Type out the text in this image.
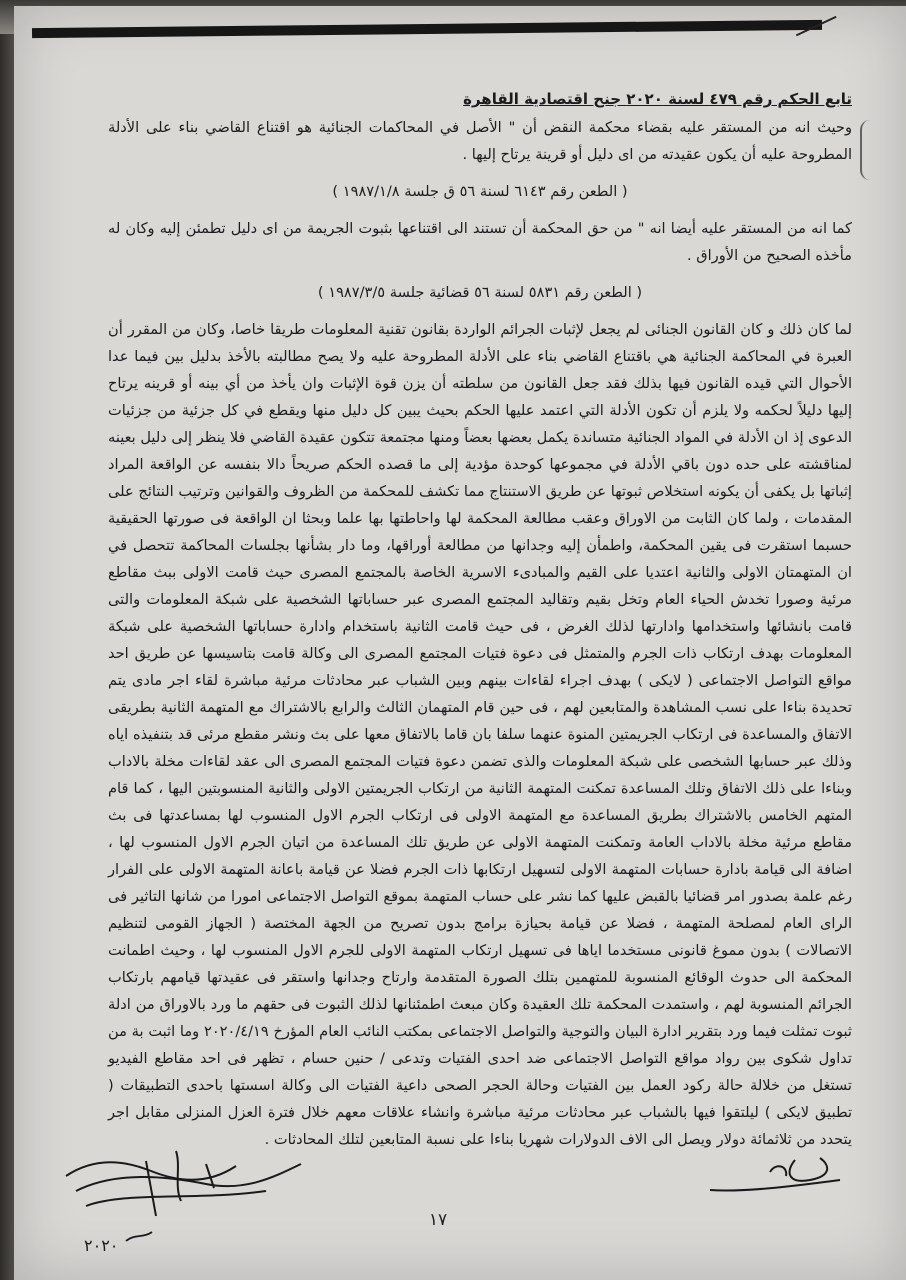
تابع الحكم رقم ٤٧٩ لسنة ٢٠٢٠ جنح اقتصادية القاهرة

وحيث انه من المستقر عليه بقضاء محكمة النقض أن " الأصل في المحاكمات الجنائية هو اقتناع القاضي بناء على الأدلة المطروحة عليه أن يكون عقيدته من اى دليل أو قرينة يرتاح إليها .

( الطعن رقم ٦١٤٣ لسنة ٥٦ ق جلسة ١٩٨٧/١/٨ )

كما انه من المستقر عليه أيضا انه " من حق المحكمة أن تستند الى اقتناعها بثبوت الجريمة من اى دليل تطمئن إليه وكان له مأخذه الصحيح من الأوراق .

( الطعن رقم ٥٨٣١ لسنة ٥٦ قضائية جلسة ١٩٨٧/٣/٥ )

لما كان ذلك و كان القانون الجنائى لم يجعل لإثبات الجرائم الواردة بقانون تقنية المعلومات طريقا خاصا، وكان من المقرر أن العبرة في المحاكمة الجنائية هي باقتناع القاضي بناء على الأدلة المطروحة عليه ولا يصح مطالبته بالأخذ بدليل بين فيما عدا الأحوال التي قيده القانون فيها بذلك فقد جعل القانون من سلطته أن يزن قوة الإثبات وان يأخذ من أي بينه أو قرينه يرتاح إليها دليلاً لحكمه ولا يلزم أن تكون الأدلة التي اعتمد عليها الحكم بحيث يبين كل دليل منها ويقطع في كل جزئية من جزئيات الدعوى إذ ان الأدلة في المواد الجنائية متساندة يكمل بعضها بعضاً ومنها مجتمعة تتكون عقيدة القاضي فلا ينظر إلى دليل بعينه لمناقشته على حده دون باقي الأدلة في مجموعها كوحدة مؤدية إلى ما قصده الحكم صريحاً دالا بنفسه عن الواقعة المراد إثباتها بل يكفى أن يكونه استخلاص ثبوتها عن طريق الاستنتاج مما تكشف للمحكمة من الظروف والقوانين وترتيب النتائج على المقدمات ، ولما كان الثابت من الاوراق وعقب مطالعة المحكمة لها واحاطتها بها علما وبحثا ان الواقعة فى صورتها الحقيقية حسبما استقرت فى يقين المحكمة، واطمأن إليه وجدانها من مطالعة أوراقها، وما دار بشأنها بجلسات المحاكمة تتحصل في ان المتهمتان الاولى والثانية اعتديا على القيم والمبادىء الاسرية الخاصة بالمجتمع المصرى حيث قامت الاولى ببث مقاطع مرئية وصورا تخدش الحياء العام وتخل بقيم وتقاليد المجتمع المصرى عبر حساباتها الشخصية على شبكة المعلومات والتى قامت بانشائها واستخدامها وادارتها لذلك الغرض ، فى حيث قامت الثانية باستخدام وادارة حساباتها الشخصية على شبكة المعلومات بهدف ارتكاب ذات الجرم والمتمثل فى دعوة فتيات المجتمع المصرى الى وكالة قامت بتاسيسها عن طريق احد مواقع التواصل الاجتماعى ( لايكى ) بهدف اجراء لقاءات بينهم وبين الشباب عبر محادثات مرئية مباشرة لقاء اجر مادى يتم تحديدة بناءا على نسب المشاهدة والمتابعين لهم ، فى حين قام المتهمان الثالث والرابع بالاشتراك مع المتهمة الثانية بطريقى الاتفاق والمساعدة فى ارتكاب الجريمتين المنوة عنهما سلفا بان قاما بالاتفاق معها على بث ونشر مقطع مرئى قد بتنفيذه اياه وذلك عبر حسابها الشخصى على شبكة المعلومات والذى تضمن دعوة فتيات المجتمع المصرى الى عقد لقاءات مخلة بالاداب وبناءا على ذلك الاتفاق وتلك المساعدة تمكنت المتهمة الثانية من ارتكاب الجريمتين الاولى والثانية المنسوبتين اليها ، كما قام المتهم الخامس بالاشتراك بطريق المساعدة مع المتهمة الاولى فى ارتكاب الجرم الاول المنسوب لها بمساعدتها فى بث مقاطع مرئية مخلة بالاداب العامة وتمكنت المتهمة الاولى عن طريق تلك المساعدة من اتيان الجرم الاول المنسوب لها ، اضافة الى قيامة بادارة حسابات المتهمة الاولى لتسهيل ارتكابها ذات الجرم فضلا عن قيامة باعانة المتهمة الاولى على الفرار رغم علمة بصدور امر قضائيا بالقبض عليها كما نشر على حساب المتهمة بموقع التواصل الاجتماعى امورا من شانها التاثير فى الراى العام لمصلحة المتهمة ، فضلا عن قيامة بحيازة برامج بدون تصريح من الجهة المختصة ( الجهاز القومى لتنظيم الاتصالات ) بدون مموغ قانونى مستخدما اياها فى تسهيل ارتكاب المتهمة الاولى للجرم الاول المنسوب لها ، وحيث اطمانت المحكمة الى حدوث الوقائع المنسوبة للمتهمين بتلك الصورة المتقدمة وارتاح وجدانها واستقر فى عقيدتها قيامهم بارتكاب الجرائم المنسوبة لهم ، واستمدت المحكمة تلك العقيدة وكان مبعث اطمئنانها لذلك الثبوت فى حقهم ما ورد بالاوراق من ادلة ثبوت تمثلت فيما ورد بتقرير ادارة البيان والتوجية والتواصل الاجتماعى بمكتب النائب العام المؤرخ ٢٠٢٠/٤/١٩ وما اثبت بة من تداول شكوى بين رواد مواقع التواصل الاجتماعى ضد احدى الفتيات وتدعى / حنين حسام ، تظهر فى احد مقاطع الفيديو تستغل من خلالة حالة ركود العمل بين الفتيات وحالة الحجر الصحى داعية الفتيات الى وكالة اسستها باحدى التطبيقات ( تطبيق لايكى ) ليلتقوا فيها بالشباب عبر محادثات مرئية مباشرة وانشاء علاقات معهم خلال فترة العزل المنزلى مقابل اجر يتحدد من ثلاثمائة دولار ويصل الى الاف الدولارات شهريا بناءا على نسبة المتابعين لتلك المحادثات .

٢٠٢٠
١٧
